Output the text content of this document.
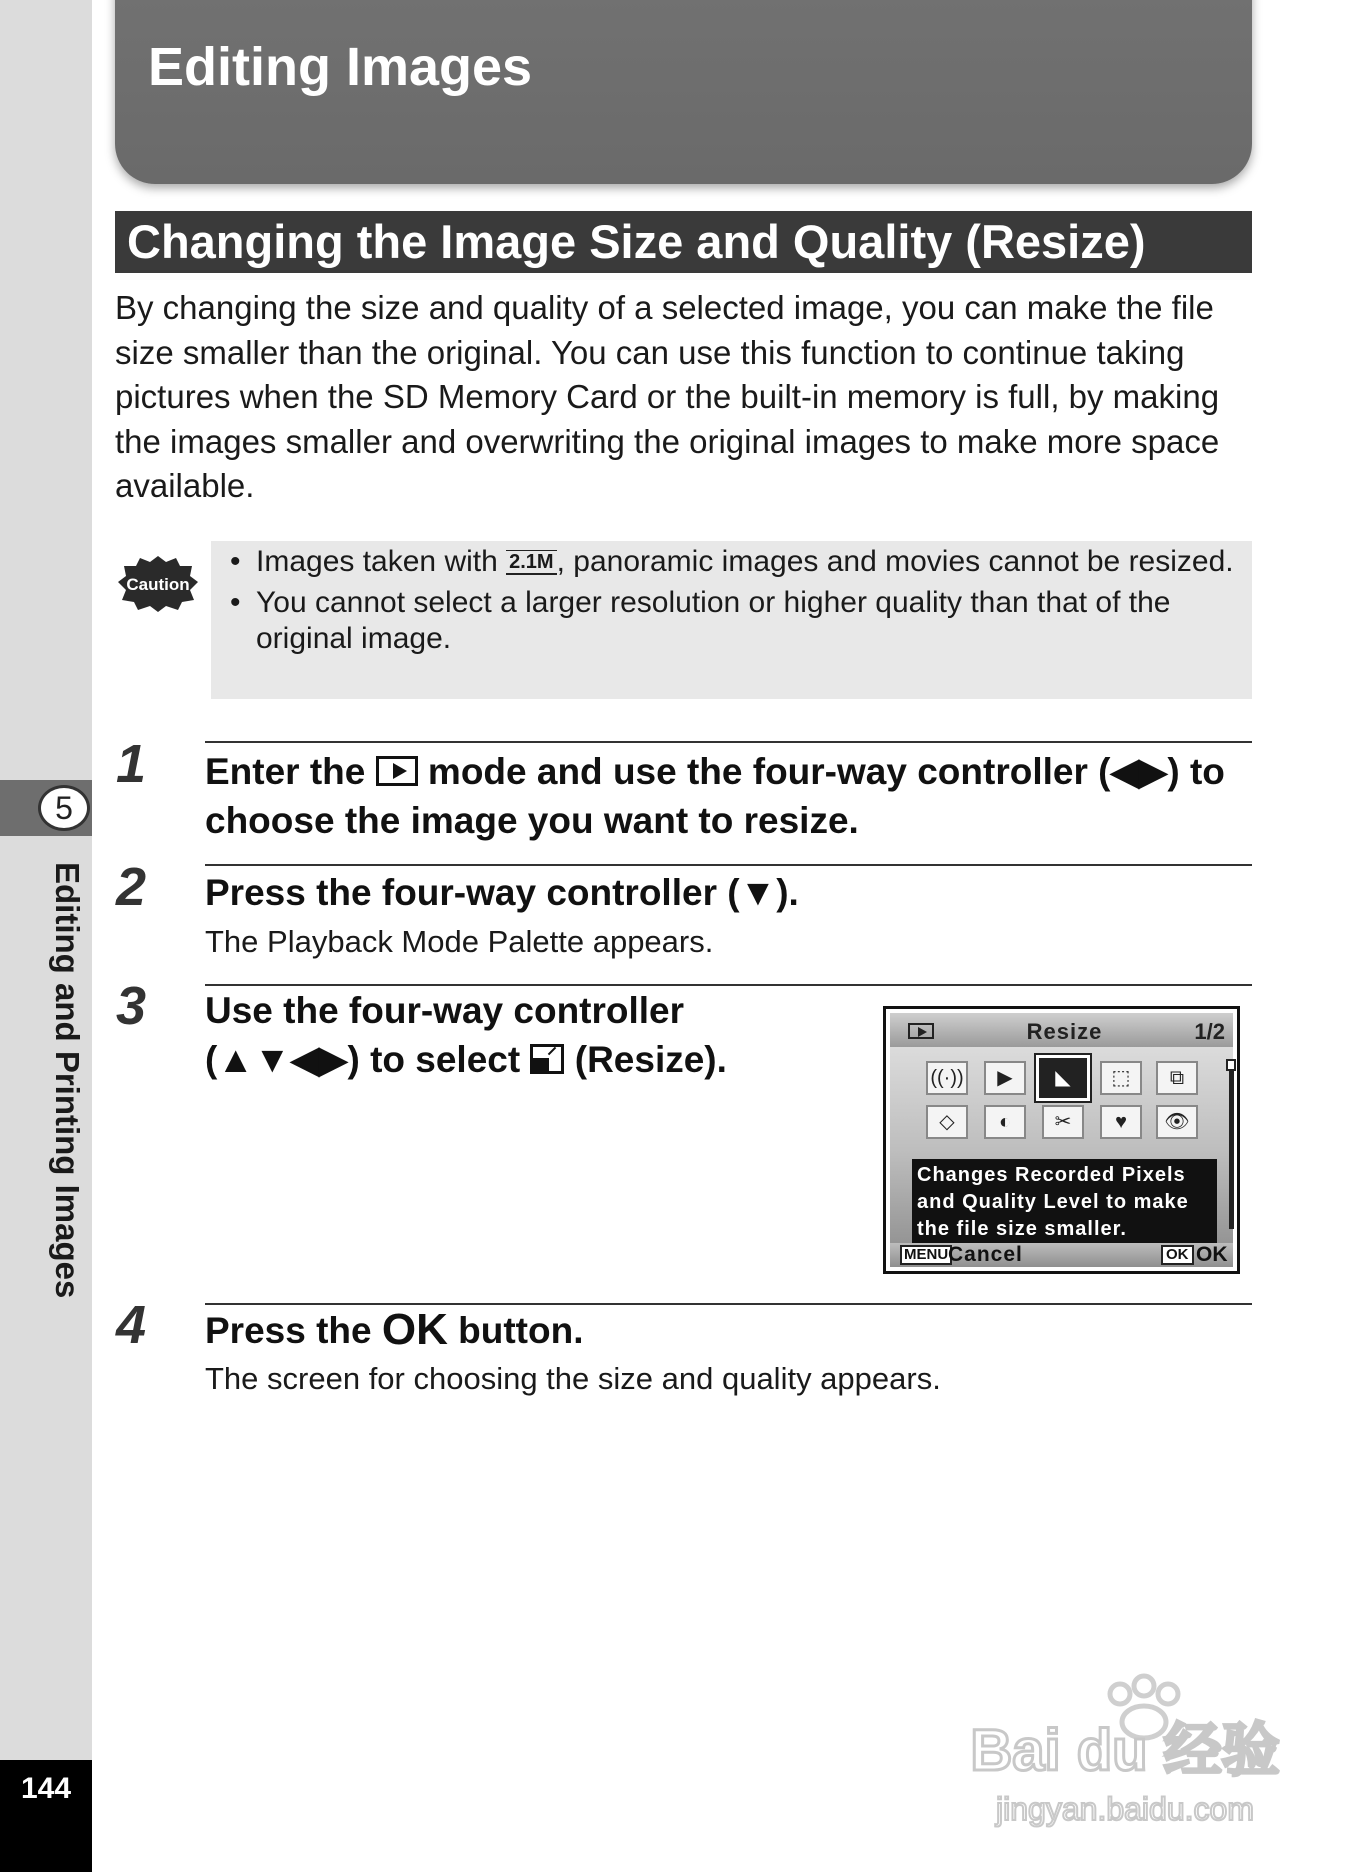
5
Editing and Printing Images
144
Editing Images
Changing the Image Size and Quality (Resize)

By changing the size and quality of a selected image, you can make the file size smaller than the original. You can use this function to continue taking pictures when the SD Memory Card or the built-in memory is full, by making the images smaller and overwriting the original images to make more space available.

Caution
• Images taken with 2.1M , panoramic images and movies cannot be resized.
• You cannot select a larger resolution or higher quality than that of the original image.
1 Enter the  mode and use the four-way controller (◀▶) to choose the image you want to resize.
2 Press the four-way controller (▼).
The Playback Mode Palette appears.
3 Use the four-way controller
(▲▼◀▶) to select  (Resize).
Resize	1/2
((·))	▶	◣	⬚	⧉
◇	◐	✂	♥	👁
Changes Recorded Pixels and Quality Level to make the file size smaller.
MENU Cancel	OK OK
4 Press the OK button.
The screen for choosing the size and quality appears.
Bai du 经验
jingyan.baidu.com
